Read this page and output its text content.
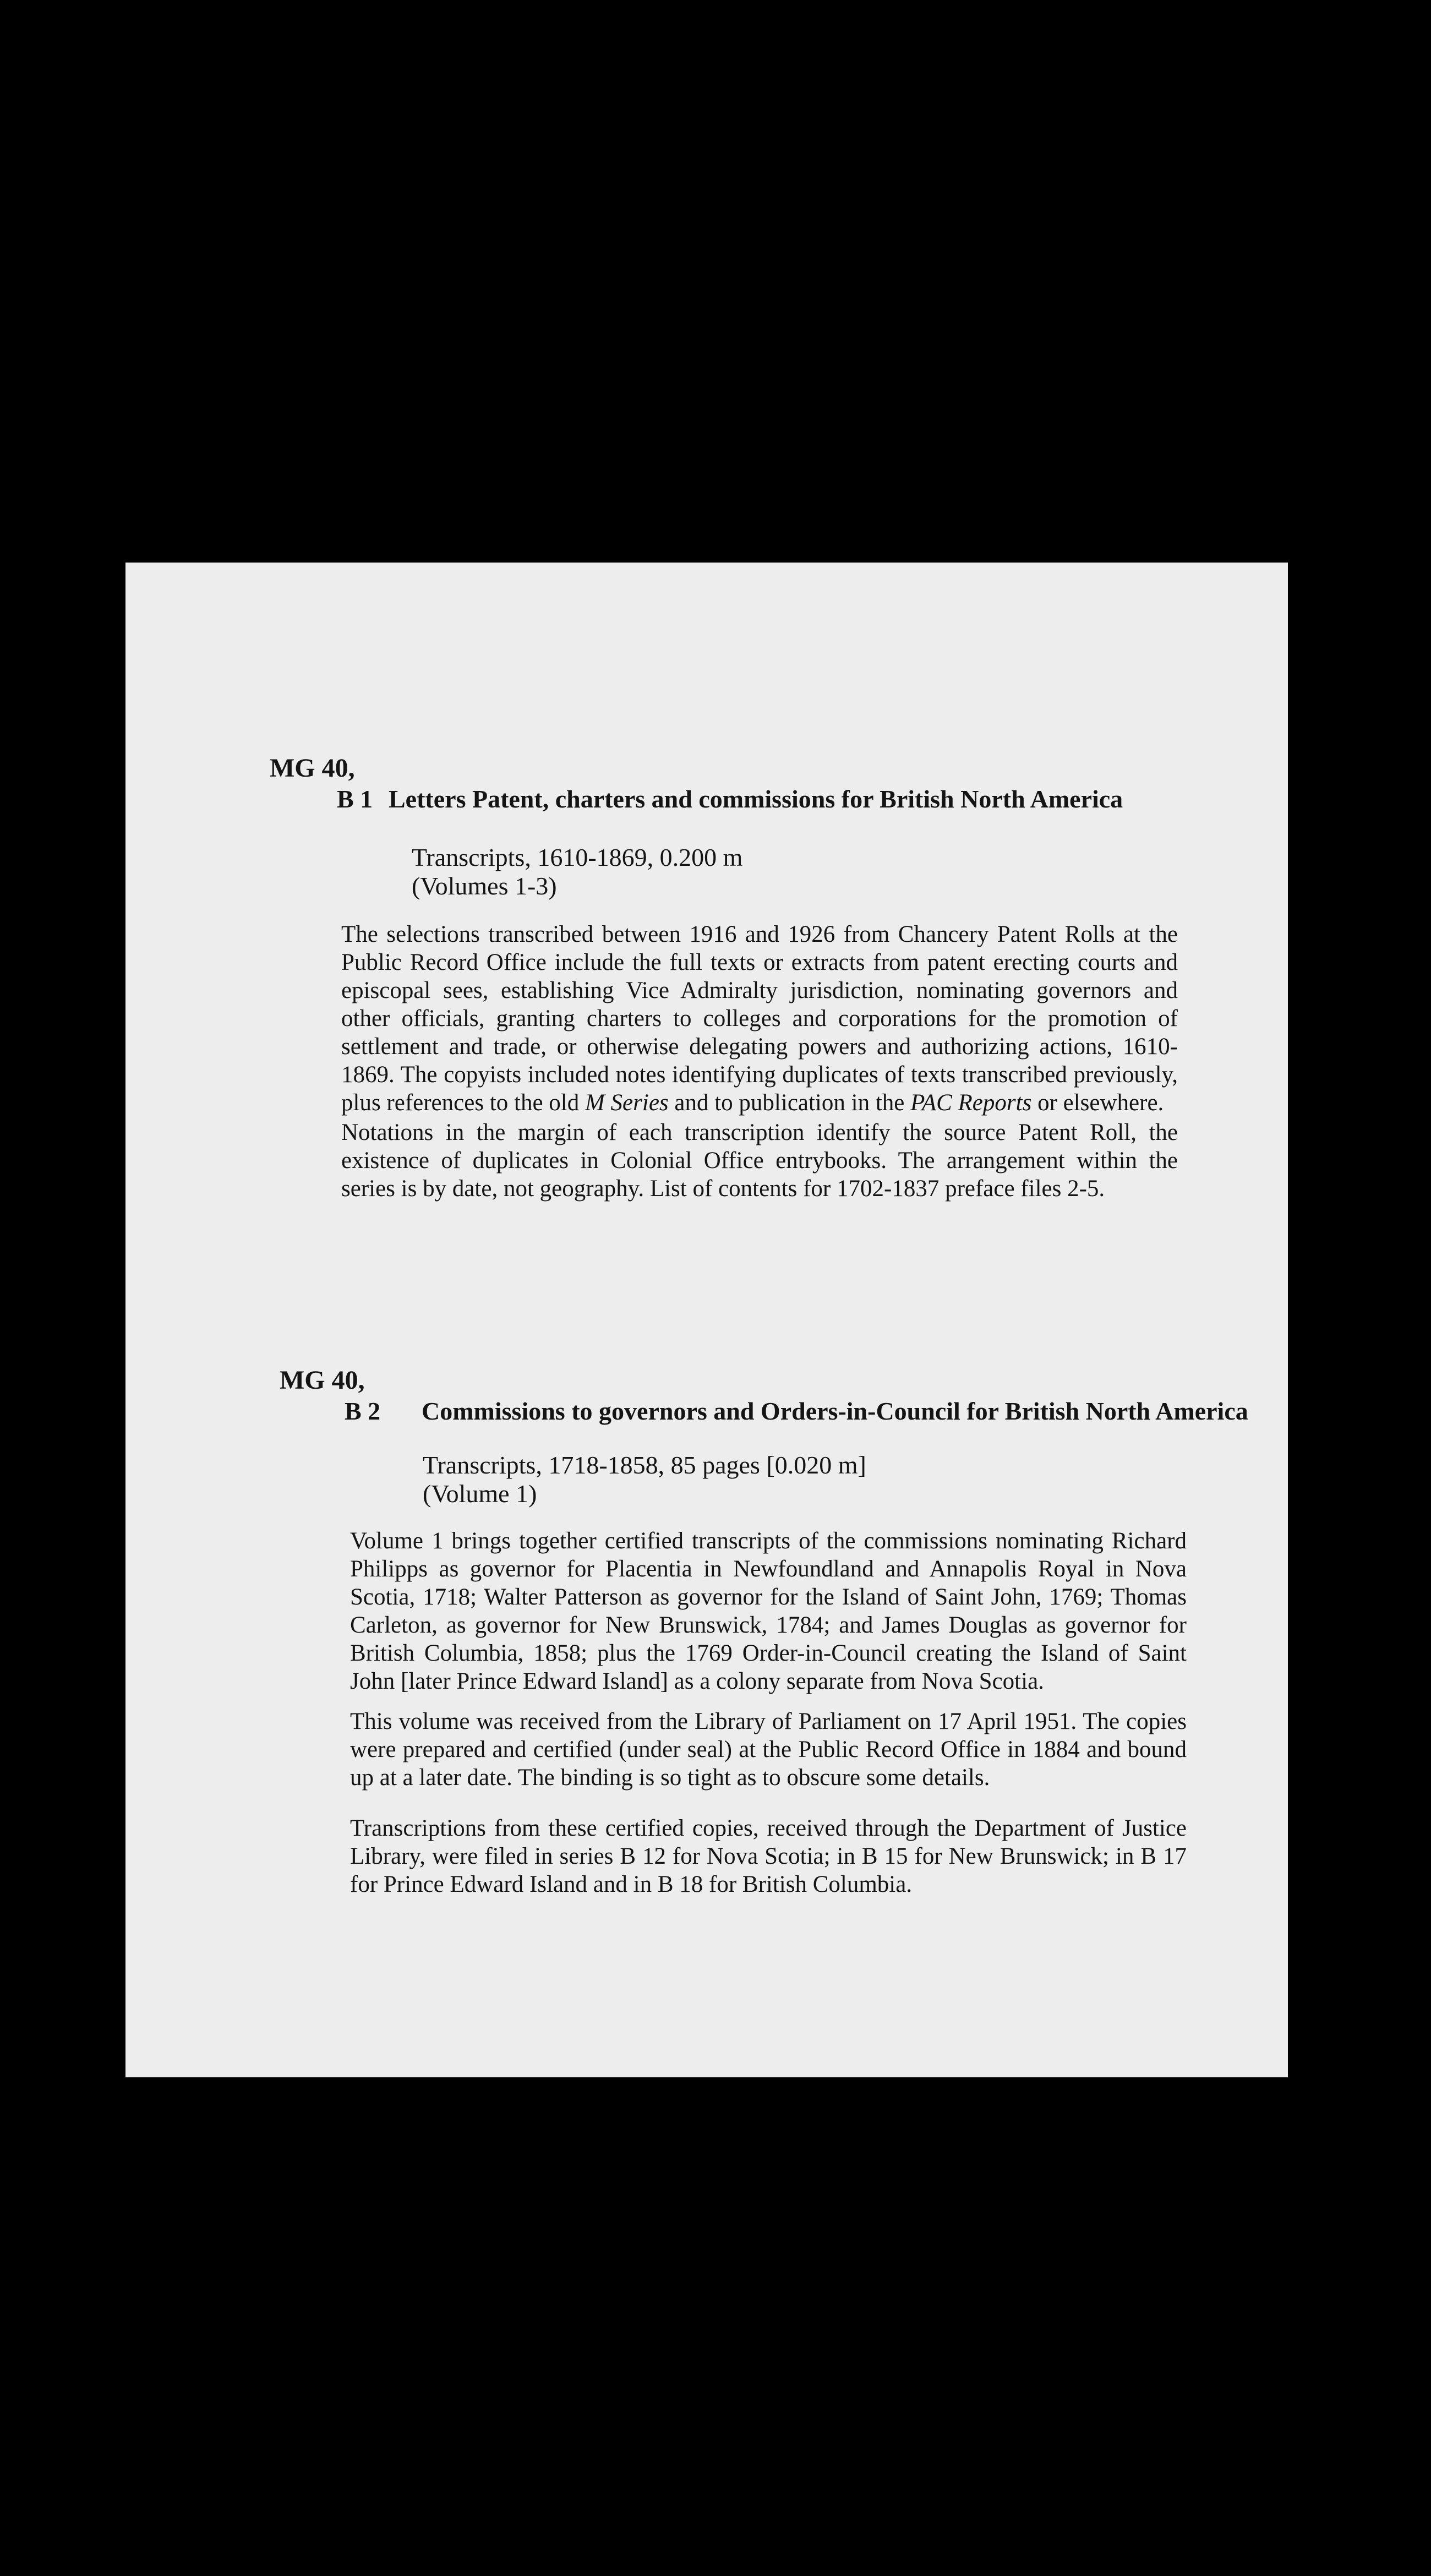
MG 40,
B 1 Letters Patent, charters and commissions for British North America
Transcripts, 1610-1869, 0.200 m
(Volumes 1-3)

The selections transcribed between 1916 and 1926 from Chancery Patent Rolls at the Public Record Office include the full texts or extracts from patent erecting courts and episcopal sees, establishing Vice Admiralty jurisdiction, nominating governors and other officials, granting charters to colleges and corporations for the promotion of settlement and trade, or otherwise delegating powers and authorizing actions, 1610-1869. The copyists included notes identifying duplicates of texts transcribed previously, plus references to the old M Series and to publication in the PAC Reports or elsewhere.

Notations in the margin of each transcription identify the source Patent Roll, the existence of duplicates in Colonial Office entrybooks. The arrangement within the series is by date, not geography. List of contents for 1702-1837 preface files 2-5.

MG 40,
B 2 Commissions to governors and Orders-in-Council for British North America
Transcripts, 1718-1858, 85 pages [0.020 m]
(Volume 1)

Volume 1 brings together certified transcripts of the commissions nominating Richard Philipps as governor for Placentia in Newfoundland and Annapolis Royal in Nova Scotia, 1718; Walter Patterson as governor for the Island of Saint John, 1769; Thomas Carleton, as governor for New Brunswick, 1784; and James Douglas as governor for British Columbia, 1858; plus the 1769 Order-in-Council creating the Island of Saint John [later Prince Edward Island] as a colony separate from Nova Scotia.

This volume was received from the Library of Parliament on 17 April 1951. The copies were prepared and certified (under seal) at the Public Record Office in 1884 and bound up at a later date. The binding is so tight as to obscure some details.

Transcriptions from these certified copies, received through the Department of Justice Library, were filed in series B 12 for Nova Scotia; in B 15 for New Brunswick; in B 17 for Prince Edward Island and in B 18 for British Columbia.
